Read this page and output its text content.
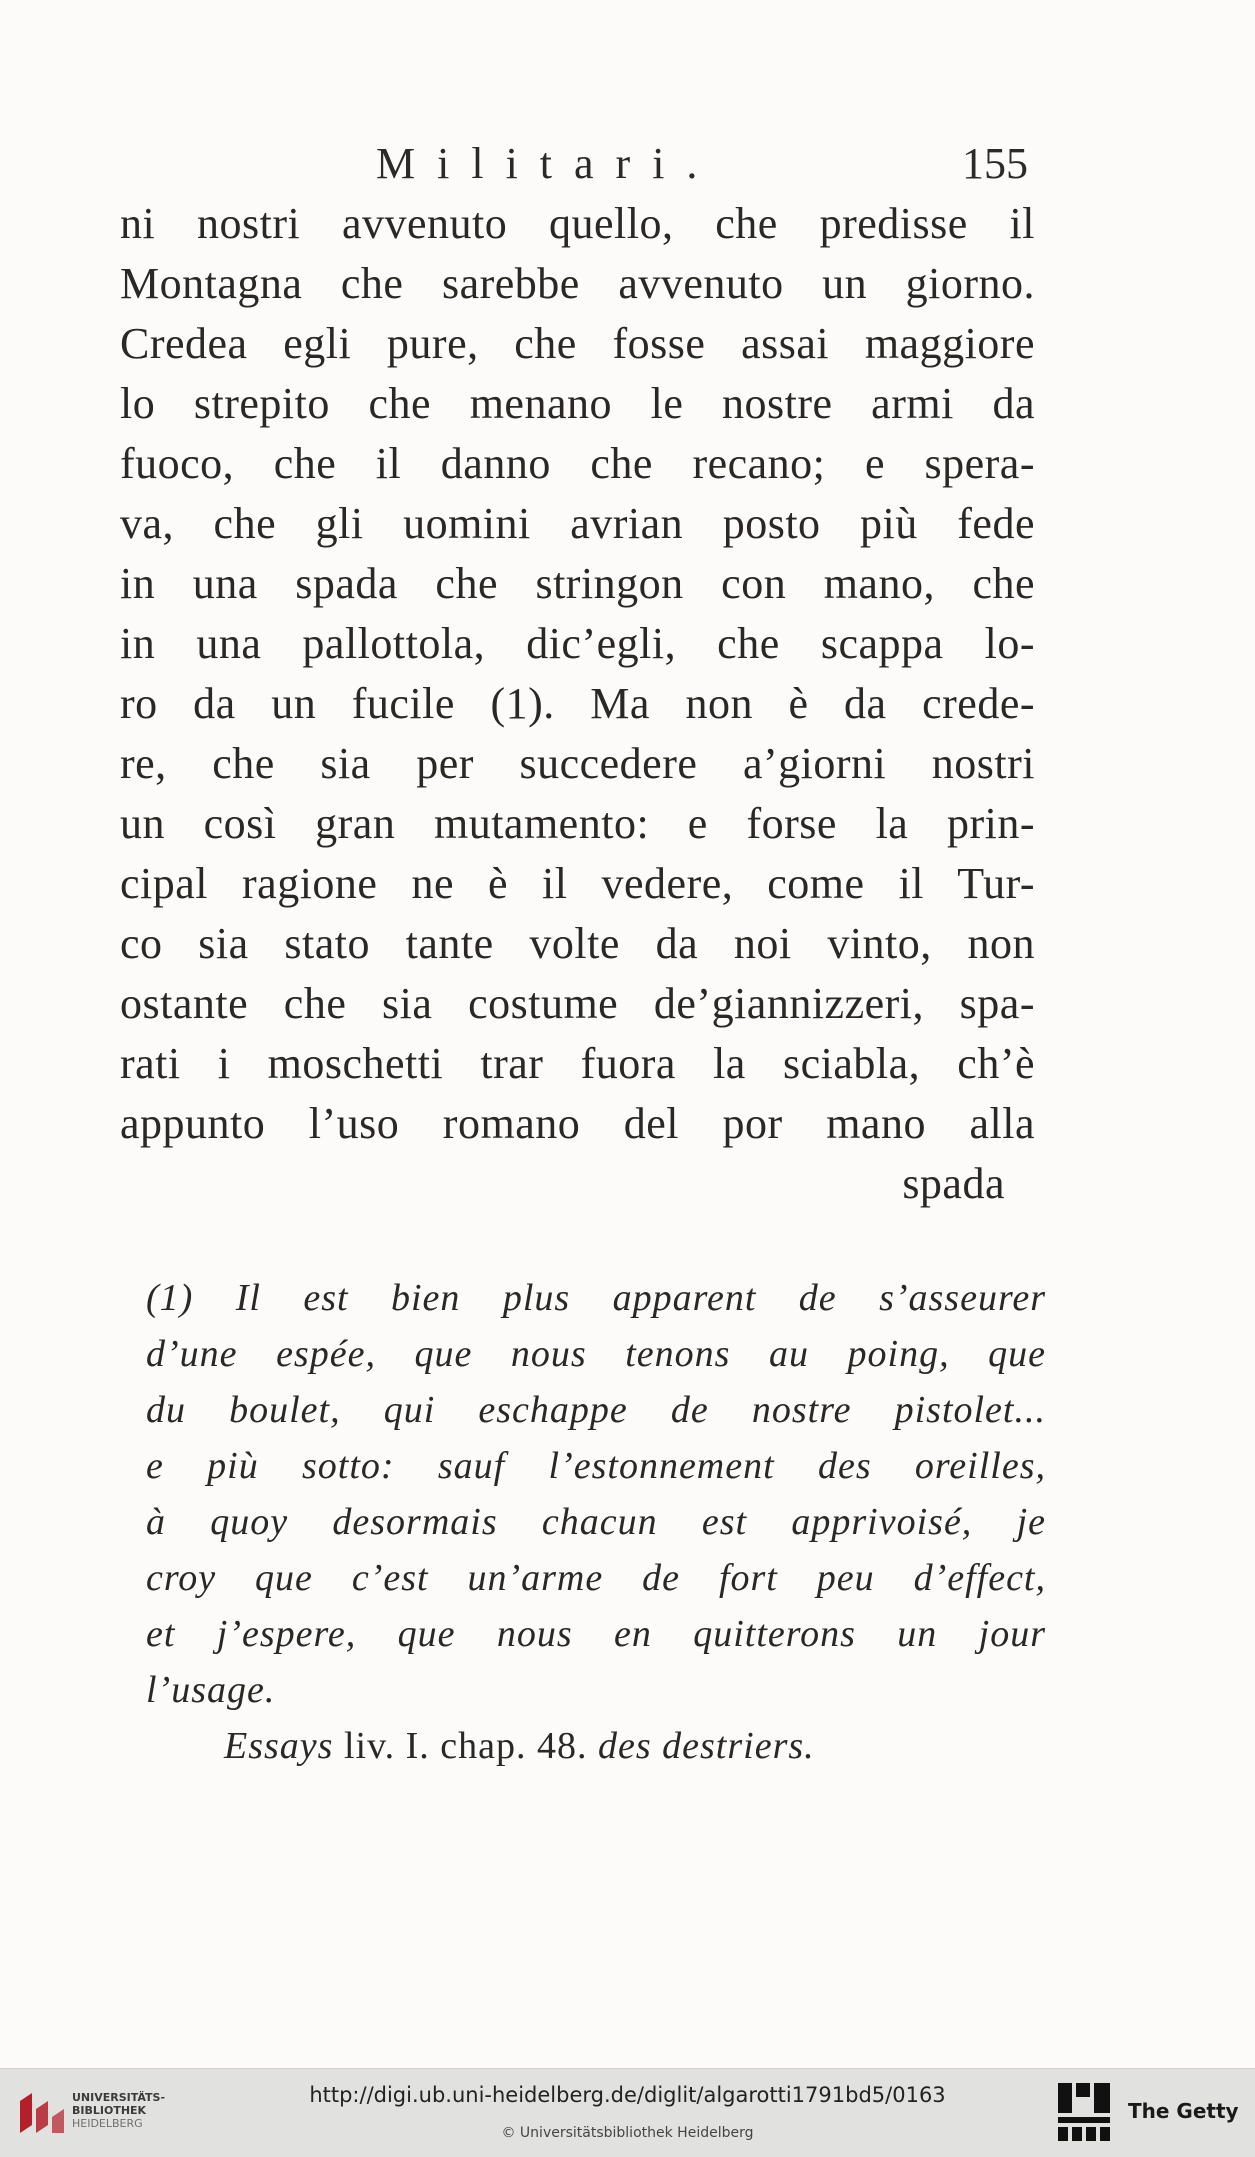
Militari.	155
ni nostri avvenuto quello, che predisse il
Montagna che sarebbe avvenuto un giorno.
Credea egli pure, che fosse assai maggiore
lo strepito che menano le nostre armi da
fuoco, che il danno che recano; e spera-
va, che gli uomini avrian posto più fede
in una spada che stringon con mano, che
in una pallottola, dic’egli, che scappa lo-
ro da un fucile (1). Ma non è da crede-
re, che sia per succedere a’giorni nostri
un così gran mutamento: e forse la prin-
cipal ragione ne è il vedere, come il Tur-
co sia stato tante volte da noi vinto, non
ostante che sia costume de’giannizzeri, spa-
rati i moschetti trar fuora la sciabla, ch’è
appunto l’uso romano del por mano alla
spada
(1) Il est bien plus apparent de s’asseurer
d’une espée, que nous tenons au poing, que
du boulet, qui eschappe de nostre pistolet...
e più sotto: sauf l’estonnement des oreilles,
à quoy desormais chacun est apprivoisé, je
croy que c’est un’arme de fort peu d’effect,
et j’espere, que nous en quitterons un jour
l’usage.
Essays liv. I. chap. 48. des destriers.
UNIVERSITÄTS-
BIBLIOTHEK
HEIDELBERG
http://digi.ub.uni-heidelberg.de/diglit/algarotti1791bd5/0163
© Universitätsbibliothek Heidelberg
The Getty
